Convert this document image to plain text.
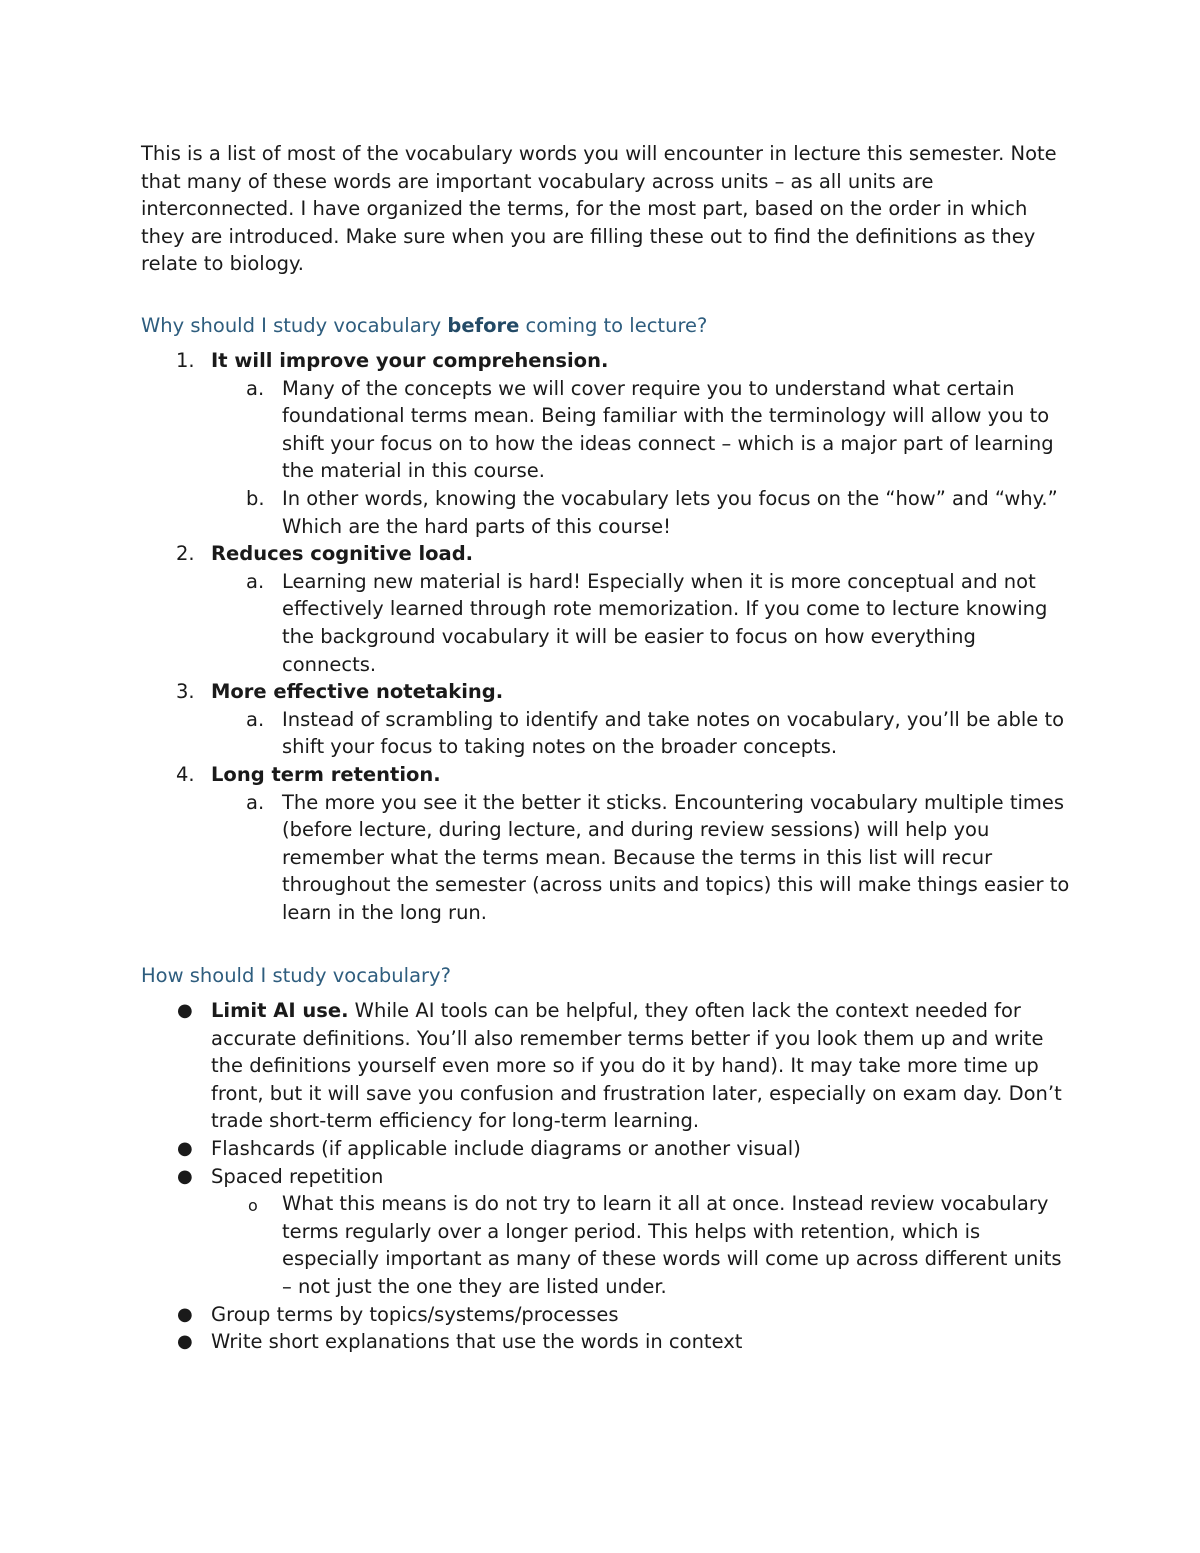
This is a list of most of the vocabulary words you will encounter in lecture this semester. Note that many of these words are important vocabulary across units – as all units are interconnected. I have organized the terms, for the most part, based on the order in which they are introduced. Make sure when you are filling these out to find the definitions as they relate to biology.

Why should I study vocabulary before coming to lecture?
1. It will improve your comprehension.
a. Many of the concepts we will cover require you to understand what certain foundational terms mean. Being familiar with the terminology will allow you to shift your focus on to how the ideas connect – which is a major part of learning the material in this course.
b. In other words, knowing the vocabulary lets you focus on the “how” and “why.” Which are the hard parts of this course!
2. Reduces cognitive load.
a. Learning new material is hard! Especially when it is more conceptual and not effectively learned through rote memorization. If you come to lecture knowing the background vocabulary it will be easier to focus on how everything connects.
3. More effective notetaking.
a. Instead of scrambling to identify and take notes on vocabulary, you’ll be able to shift your focus to taking notes on the broader concepts.
4. Long term retention.
a. The more you see it the better it sticks. Encountering vocabulary multiple times (before lecture, during lecture, and during review sessions) will help you remember what the terms mean. Because the terms in this list will recur throughout the semester (across units and topics) this will make things easier to learn in the long run.
How should I study vocabulary?
● Limit AI use. While AI tools can be helpful, they often lack the context needed for accurate definitions. You’ll also remember terms better if you look them up and write the definitions yourself even more so if you do it by hand). It may take more time up front, but it will save you confusion and frustration later, especially on exam day. Don’t trade short-term efficiency for long-term learning.
● Flashcards (if applicable include diagrams or another visual)
● Spaced repetition
o What this means is do not try to learn it all at once. Instead review vocabulary terms regularly over a longer period. This helps with retention, which is especially important as many of these words will come up across different units – not just the one they are listed under.
● Group terms by topics/systems/processes
● Write short explanations that use the words in context
